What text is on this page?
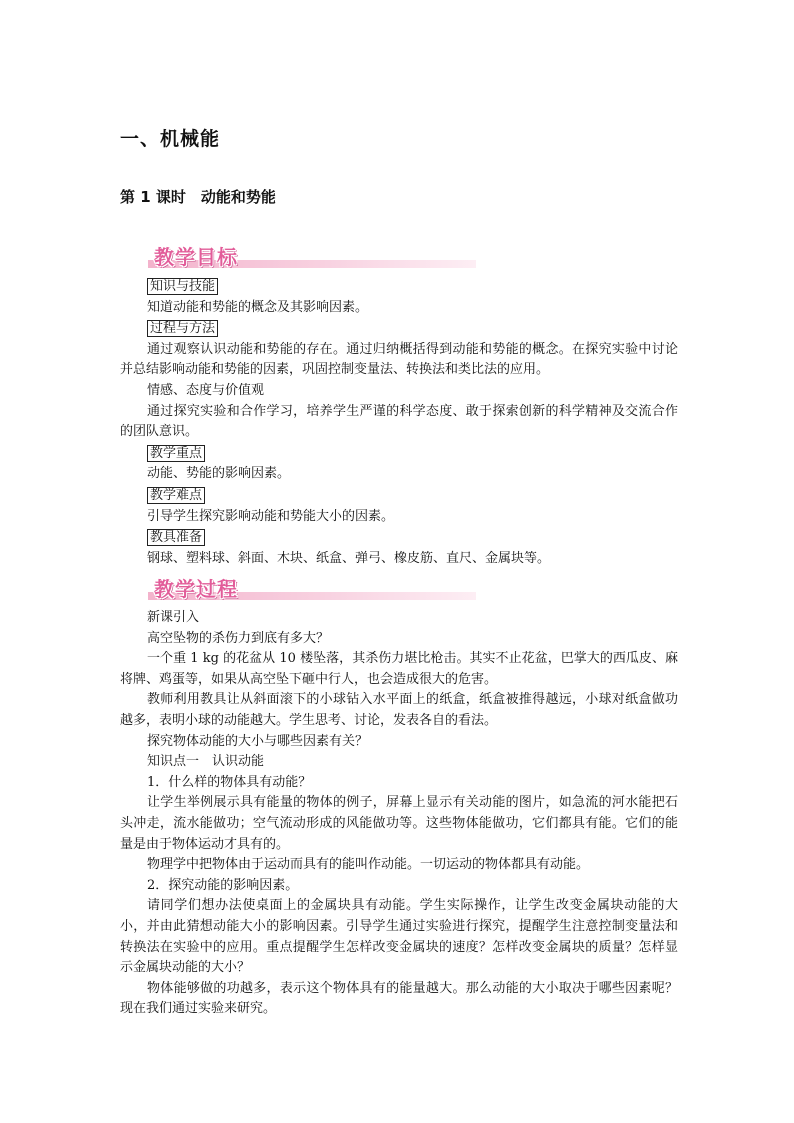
一、机械能
第 1 课时　动能和势能
教学目标
知识与技能
知道动能和势能的概念及其影响因素。
过程与方法
通过观察认识动能和势能的存在。通过归纳概括得到动能和势能的概念。在探究实验中讨论并总结影响动能和势能的因素，巩固控制变量法、转换法和类比法的应用。
情感、态度与价值观
通过探究实验和合作学习，培养学生严谨的科学态度、敢于探索创新的科学精神及交流合作的团队意识。
教学重点
动能、势能的影响因素。
教学难点
引导学生探究影响动能和势能大小的因素。
教具准备
钢球、塑料球、斜面、木块、纸盒、弹弓、橡皮筋、直尺、金属块等。
教学过程
新课引入
高空坠物的杀伤力到底有多大？
一个重 1 kg 的花盆从 10 楼坠落，其杀伤力堪比枪击。其实不止花盆，巴掌大的西瓜皮、麻将牌、鸡蛋等，如果从高空坠下砸中行人，也会造成很大的危害。
教师利用教具让从斜面滚下的小球钻入水平面上的纸盒，纸盒被推得越远，小球对纸盒做功越多，表明小球的动能越大。学生思考、讨论，发表各自的看法。
探究物体动能的大小与哪些因素有关？
知识点一　认识动能
1．什么样的物体具有动能？
让学生举例展示具有能量的物体的例子，屏幕上显示有关动能的图片，如急流的河水能把石头冲走，流水能做功；空气流动形成的风能做功等。这些物体能做功，它们都具有能。它们的能量是由于物体运动才具有的。
物理学中把物体由于运动而具有的能叫作动能。一切运动的物体都具有动能。
2．探究动能的影响因素。
请同学们想办法使桌面上的金属块具有动能。学生实际操作，让学生改变金属块动能的大小，并由此猜想动能大小的影响因素。引导学生通过实验进行探究，提醒学生注意控制变量法和转换法在实验中的应用。重点提醒学生怎样改变金属块的速度？怎样改变金属块的质量？怎样显示金属块动能的大小？
物体能够做的功越多，表示这个物体具有的能量越大。那么动能的大小取决于哪些因素呢？现在我们通过实验来研究。
